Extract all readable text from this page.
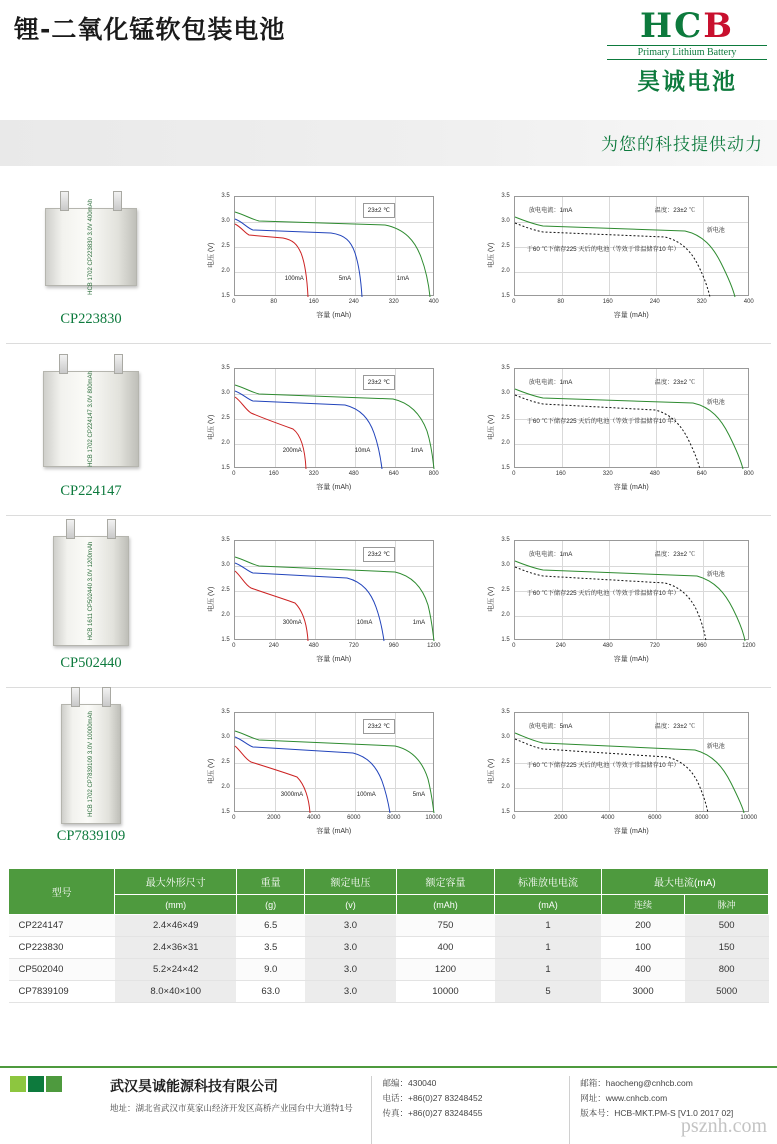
锂-二氧化锰软包装电池	HCB
Primary Lithium Battery
昊诚电池
为您的科技提供动力
HCB 1702 CP223830 3.0V 400mAh
CP223830
23±2 ℃
100mA	5mA	1mA
1.5
2.0
2.5
3.0
3.5
0	80	160	240	320	400
容量 (mAh)
电压 (V)
放电电流：1mA	温度：23±2 ℃
于60 ℃下储存225 天后的电池（等效于常温储存10 年）
新电池
1.5
2.0
2.5
3.0
3.5
0	80	160	240	320	400
容量 (mAh)
电压 (V)
HCB 1702 CP224147 3.0V 800mAh
CP224147
23±2 ℃
200mA	10mA	1mA
1.5
2.0
2.5
3.0
3.5
0	160	320	480	640	800
容量 (mAh)
电压 (V)
放电电流：1mA	温度：23±2 ℃
于60 ℃下储存225 天后的电池（等效于常温储存10 年）
新电池
1.5
2.0
2.5
3.0
3.5
0	160	320	480	640	800
容量 (mAh)
电压 (V)
HCB 1611 CP502440 3.0V 1200mAh
CP502440
23±2 ℃
300mA	10mA	1mA
1.5
2.0
2.5
3.0
3.5
0	240	480	720	960	1200
容量 (mAh)
电压 (V)
放电电流：1mA	温度：23±2 ℃
于60 ℃下储存225 天后的电池（等效于常温储存10 年）
新电池
1.5
2.0
2.5
3.0
3.5
0	240	480	720	960	1200
容量 (mAh)
电压 (V)
HCB 1702 CP7839109 3.0V 10000mAh
CP7839109
23±2 ℃
3000mA	100mA	5mA
1.5
2.0
2.5
3.0
3.5
0	2000	4000	6000	8000	10000
容量 (mAh)
电压 (V)
放电电流：5mA	温度：23±2 ℃
于60 ℃下储存225 天后的电池（等效于常温储存10 年）
新电池
1.5
2.0
2.5
3.0
3.5
0	2000	4000	6000	8000	10000
容量 (mAh)
电压 (V)
型号	最大外形尺寸	重量	额定电压	额定容量	标准放电电流	最大电流(mA)	
	(mm)	(g)	(v)	(mAh)	(mA)	连续	脉冲
CP224147	2.4×46×49	6.5	3.0	750	1	200	500
CP223830	2.4×36×31	3.5	3.0	400	1	100	150
CP502040	5.2×24×42	9.0	3.0	1200	1	400	800
CP7839109	8.0×40×100	63.0	3.0	10000	5	3000	5000
武汉昊诚能源科技有限公司
地址：湖北省武汉市莫家山经济开发区高桥产业园台中大道特1号
邮编：430040
电话：+86(0)27 83248452
传真：+86(0)27 83248455
邮箱：haocheng@cnhcb.com
网址：www.cnhcb.com
版本号：HCB-MKT.PM-S [V1.0 2017 02]
psznh.com
